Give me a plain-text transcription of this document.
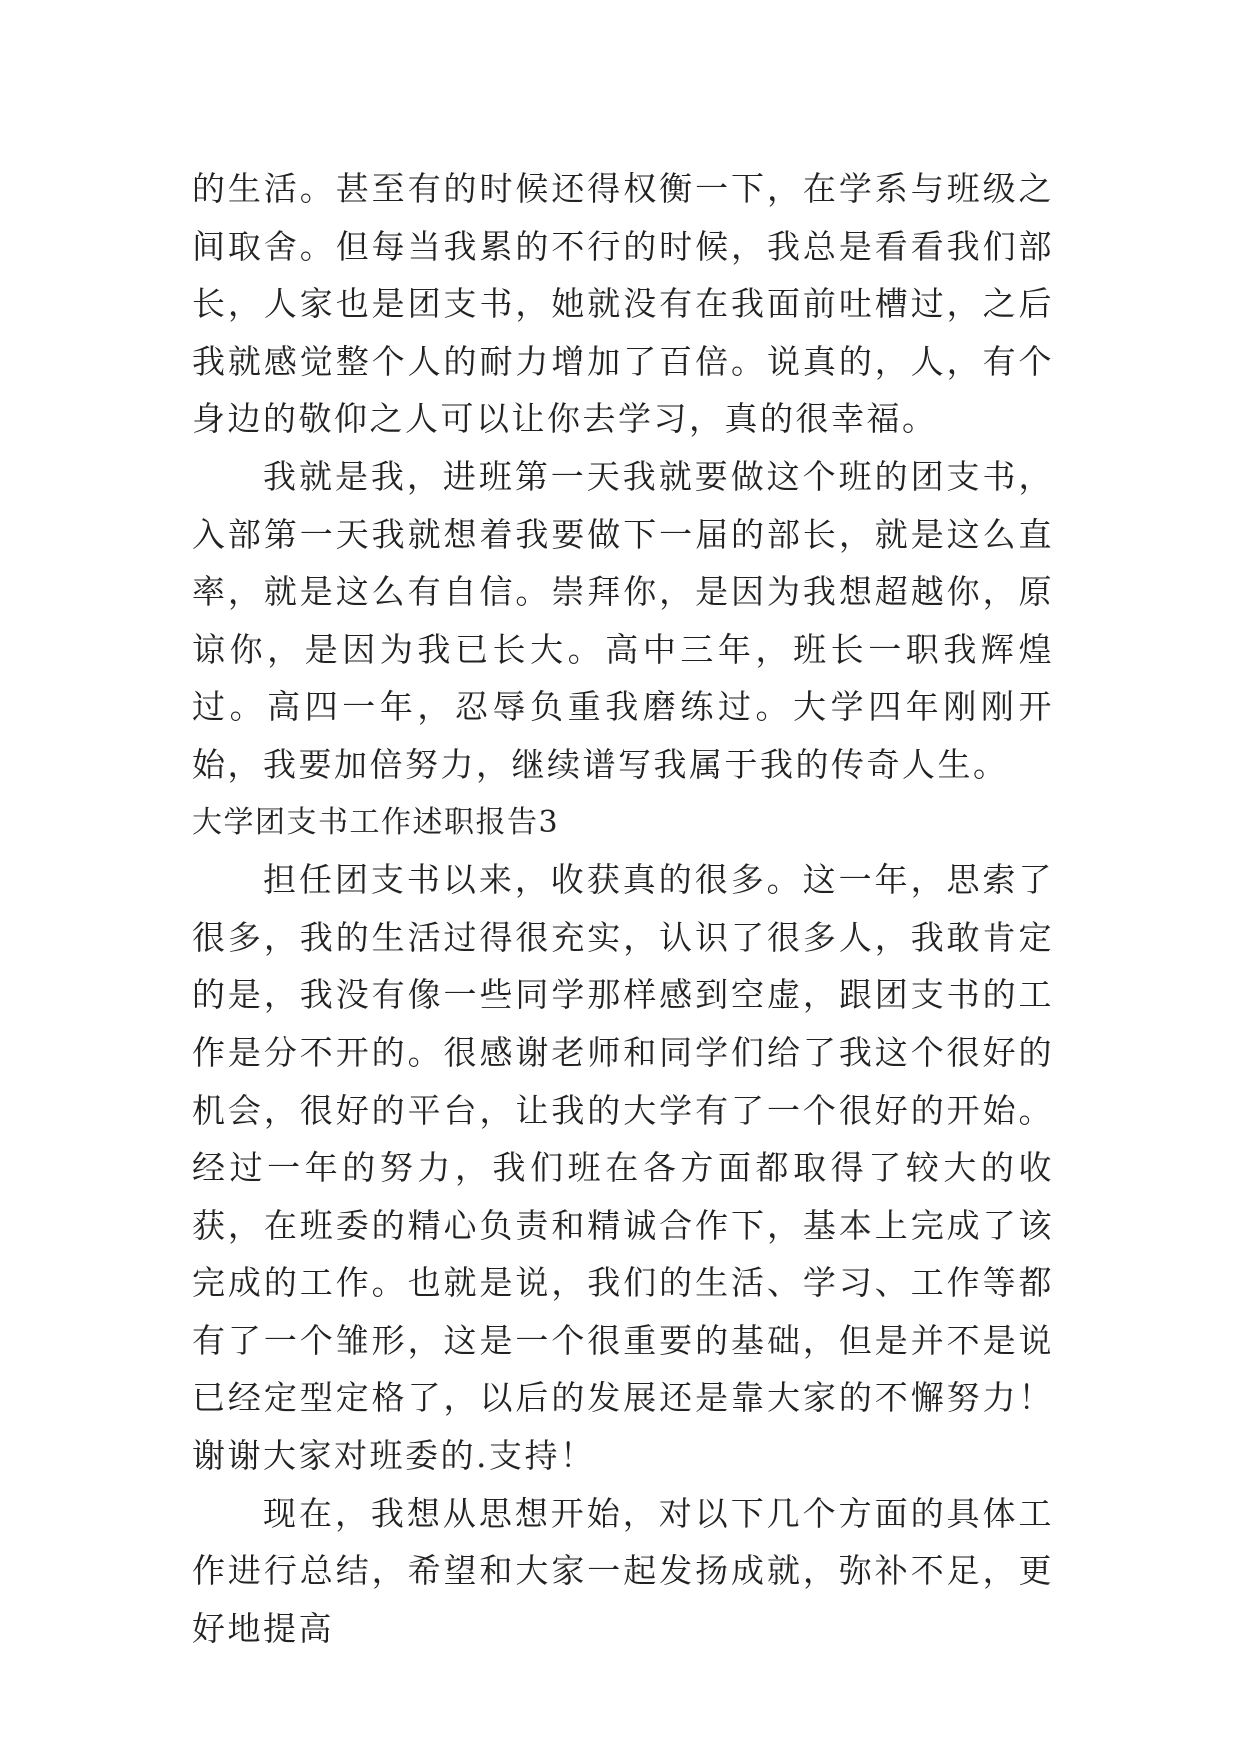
的生活。甚至有的时候还得权衡一下，在学系与班级之间取舍。但每当我累的不行的时候，我总是看看我们部长，人家也是团支书，她就没有在我面前吐槽过，之后我就感觉整个人的耐力增加了百倍。说真的，人，有个身边的敬仰之人可以让你去学习，真的很幸福。

我就是我，进班第一天我就要做这个班的团支书，入部第一天我就想着我要做下一届的部长，就是这么直率，就是这么有自信。崇拜你，是因为我想超越你，原谅你，是因为我已长大。高中三年，班长一职我辉煌过。高四一年，忍辱负重我磨练过。大学四年刚刚开始，我要加倍努力，继续谱写我属于我的传奇人生。

大学团支书工作述职报告3

担任团支书以来，收获真的很多。这一年，思索了很多，我的生活过得很充实，认识了很多人，我敢肯定的是，我没有像一些同学那样感到空虚，跟团支书的工作是分不开的。很感谢老师和同学们给了我这个很好的机会，很好的平台，让我的大学有了一个很好的开始。经过一年的努力，我们班在各方面都取得了较大的收获，在班委的精心负责和精诚合作下，基本上完成了该完成的工作。也就是说，我们的生活、学习、工作等都有了一个雏形，这是一个很重要的基础，但是并不是说已经定型定格了，以后的发展还是靠大家的不懈努力！谢谢大家对班委的.支持！

现在，我想从思想开始，对以下几个方面的具体工作进行总结，希望和大家一起发扬成就，弥补不足，更好地提高
